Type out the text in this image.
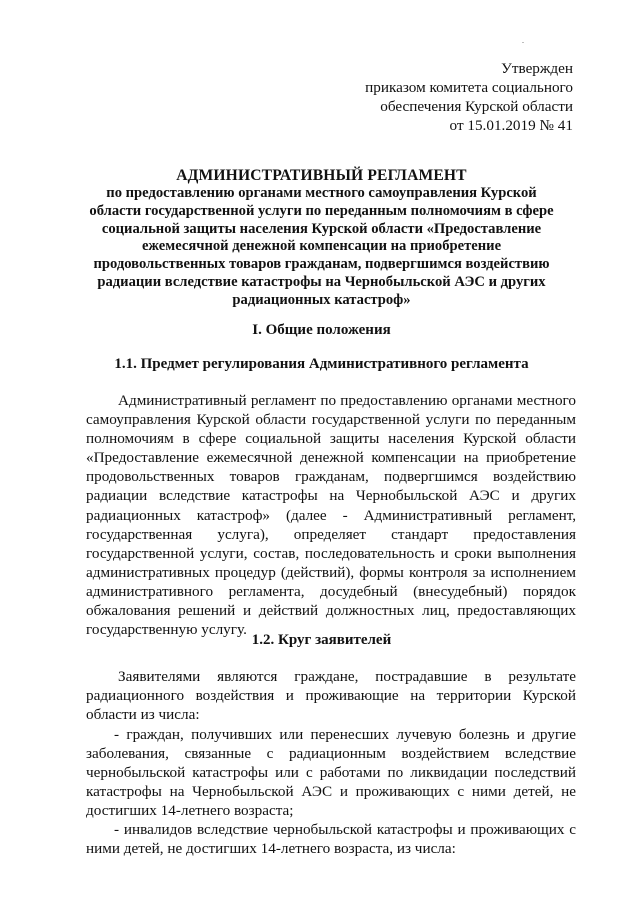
.
Утвержден
приказом комитета социального
обеспечения Курской области
от 15.01.2019 № 41
АДМИНИСТРАТИВНЫЙ РЕГЛАМЕНТ
по предоставлению органами местного самоуправления Курской
области государственной услуги по переданным полномочиям в сфере
социальной защиты населения Курской области «Предоставление
ежемесячной денежной компенсации на приобретение
продовольственных товаров гражданам, подвергшимся воздействию
радиации вследствие катастрофы на Чернобыльской АЭС и других
радиационных катастроф»
I. Общие положения
1.1. Предмет регулирования Административного регламента
Административный регламент по предоставлению органами местного
самоуправления Курской области государственной услуги по переданным
полномочиям в сфере социальной защиты населения Курской области
«Предоставление ежемесячной денежной компенсации на приобретение
продовольственных товаров гражданам, подвергшимся воздействию
радиации вследствие катастрофы на Чернобыльской АЭС и других
радиационных катастроф» (далее - Административный регламент,
государственная услуга), определяет стандарт предоставления
государственной услуги, состав, последовательность и сроки выполнения
административных процедур (действий), формы контроля за исполнением
административного регламента, досудебный (внесудебный) порядок
обжалования решений и действий должностных лиц, предоставляющих
государственную услугу.
1.2. Круг заявителей
Заявителями являются граждане, пострадавшие в результате
радиационного воздействия и проживающие на территории Курской
области из числа:
- граждан, получивших или перенесших лучевую болезнь и другие
заболевания, связанные с радиационным воздействием вследствие
чернобыльской катастрофы или с работами по ликвидации последствий
катастрофы на Чернобыльской АЭС и проживающих с ними детей, не
достигших 14-летнего возраста;
- инвалидов вследствие чернобыльской катастрофы и проживающих с
ними детей, не достигших 14-летнего возраста, из числа:
